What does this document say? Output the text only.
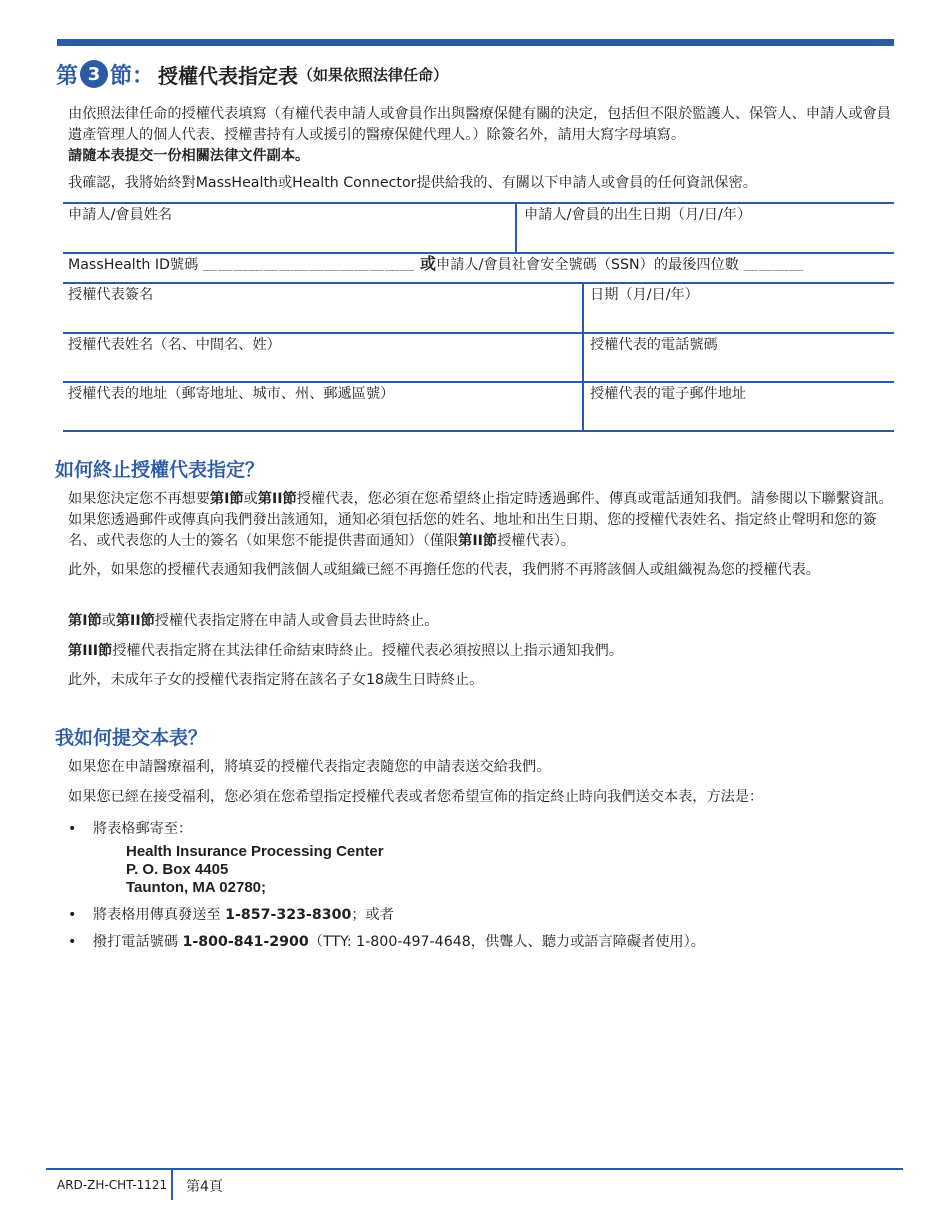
第 3 節： 授權代表指定表 （如果依照法律任命）
由依照法律任命的授權代表填寫（有權代表申請人或會員作出與醫療保健有關的決定，包括但不限於監護人、保管人、申請人或會員遺產管理人的個人代表、授權書持有人或援引的醫療保健代理人。）除簽名外，請用大寫字母填寫。
請隨本表提交一份相關法律文件副本。
我確認，我將始終對MassHealth或Health Connector提供給我的、有關以下申請人或會員的任何資訊保密。
申請人/會員姓名	申請人/會員的出生日期（月/日/年）
MassHealth ID號碼 ＿＿＿＿＿＿＿＿＿＿＿＿＿＿ 或申請人/會員社會安全號碼（SSN）的最後四位數 ＿＿＿＿
授權代表簽名	日期（月/日/年）
授權代表姓名（名、中間名、姓）	授權代表的電話號碼
授權代表的地址（郵寄地址、城市、州、郵遞區號）	授權代表的電子郵件地址
如何終止授權代表指定？
如果您決定您不再想要第I節或第II節授權代表，您必須在您希望終止指定時透過郵件、傳真或電話通知我們。請參閱以下聯繫資訊。如果您透過郵件或傳真向我們發出該通知，通知必須包括您的姓名、地址和出生日期、您的授權代表姓名、指定終止聲明和您的簽名、或代表您的人士的簽名（如果您不能提供書面通知）（僅限第II節授權代表）。
此外，如果您的授權代表通知我們該個人或組織已經不再擔任您的代表，我們將不再將該個人或組織視為您的授權代表。
第I節或第II節授權代表指定將在申請人或會員去世時終止。
第III節授權代表指定將在其法律任命結束時終止。授權代表必須按照以上指示通知我們。
此外，未成年子女的授權代表指定將在該名子女18歲生日時終止。
我如何提交本表？
如果您在申請醫療福利，將填妥的授權代表指定表隨您的申請表送交給我們。
如果您已經在接受福利，您必須在您希望指定授權代表或者您希望宣佈的指定終止時向我們送交本表，方法是：
• 將表格郵寄至：
Health Insurance Processing Center
P. O. Box 4405
Taunton, MA 02780;
• 將表格用傳真發送至 1-857-323-8300；或者
• 撥打電話號碼 1-800-841-2900（TTY: 1-800-497-4648，供聾人、聽力或語言障礙者使用）。
ARD-ZH-CHT-1121 第4頁
